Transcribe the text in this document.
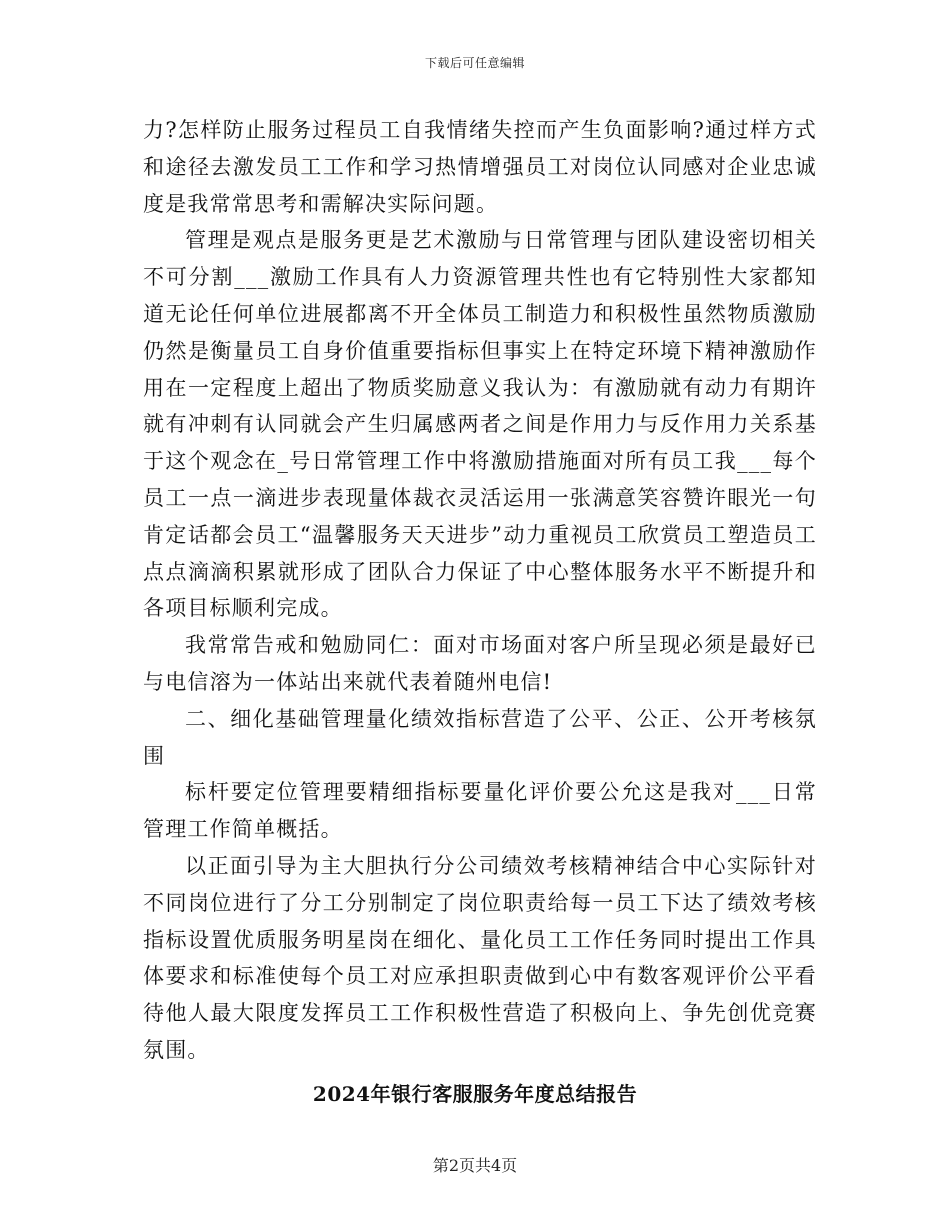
下载后可任意编辑

力?怎样防止服务过程员工自我情绪失控而产生负面影响?通过样方式和途径去激发员工工作和学习热情增强员工对岗位认同感对企业忠诚度是我常常思考和需解决实际问题。

管理是观点是服务更是艺术激励与日常管理与团队建设密切相关不可分割___激励工作具有人力资源管理共性也有它特别性大家都知道无论任何单位进展都离不开全体员工制造力和积极性虽然物质激励仍然是衡量员工自身价值重要指标但事实上在特定环境下精神激励作用在一定程度上超出了物质奖励意义我认为：有激励就有动力有期许就有冲刺有认同就会产生归属感两者之间是作用力与反作用力关系基于这个观念在_号日常管理工作中将激励措施面对所有员工我___每个员工一点一滴进步表现量体裁衣灵活运用一张满意笑容赞许眼光一句肯定话都会员工“温馨服务天天进步”动力重视员工欣赏员工塑造员工点点滴滴积累就形成了团队合力保证了中心整体服务水平不断提升和各项目标顺利完成。

我常常告戒和勉励同仁：面对市场面对客户所呈现必须是最好已与电信溶为一体站出来就代表着随州电信!

二、细化基础管理量化绩效指标营造了公平、公正、公开考核氛围

标杆要定位管理要精细指标要量化评价要公允这是我对___日常管理工作简单概括。

以正面引导为主大胆执行分公司绩效考核精神结合中心实际针对不同岗位进行了分工分别制定了岗位职责给每一员工下达了绩效考核指标设置优质服务明星岗在细化、量化员工工作任务同时提出工作具体要求和标准使每个员工对应承担职责做到心中有数客观评价公平看待他人最大限度发挥员工工作积极性营造了积极向上、争先创优竞赛氛围。

2024年银行客服服务年度总结报告
第2页共4页
